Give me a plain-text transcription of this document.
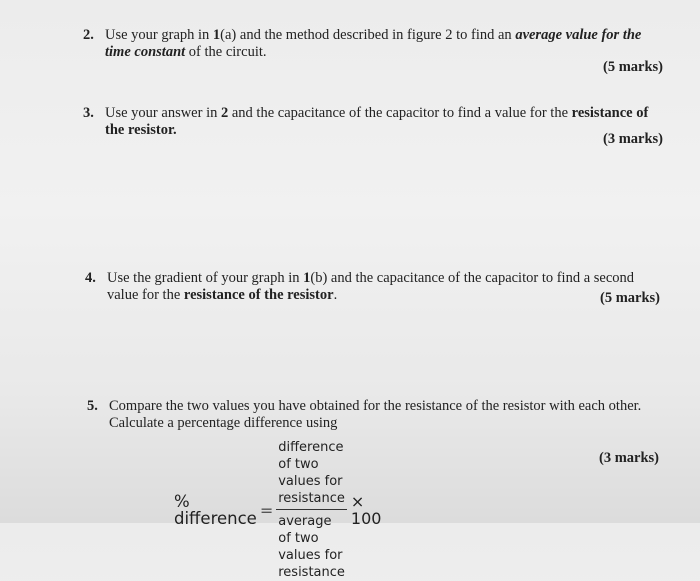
2. Use your graph in 1(a) and the method described in figure 2 to find an average value for the
time constant of the circuit.
(5 marks)
3. Use your answer in 2 and the capacitance of the capacitor to find a value for the resistance of
the resistor.
(3 marks)
4. Use the gradient of your graph in 1(b) and the capacitance of the capacitor to find a second
value for the resistance of the resistor.	(5 marks)
5. Compare the two values you have obtained for the resistance of the resistor with each other.
Calculate a percentage difference using
% difference = $\frac{\text{difference of two values for resistance}}{\text{average of two values for resistance}} \times 100$
(3 marks)
